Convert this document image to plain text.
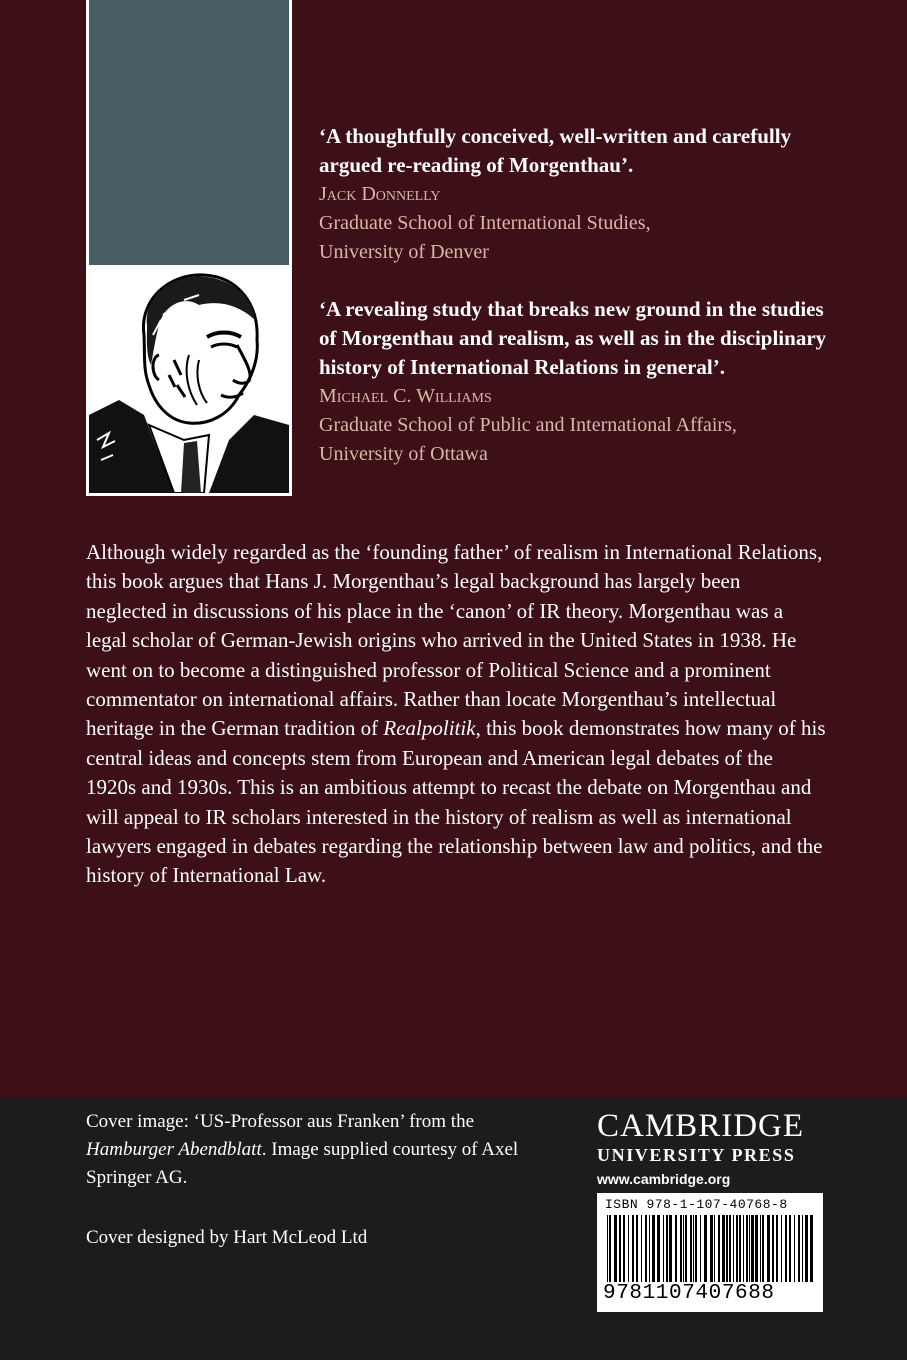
‘A thoughtfully conceived, well-written and carefully argued re-reading of Morgenthau’.

Jack Donnelly

Graduate School of International Studies,

University of Denver

‘A revealing study that breaks new ground in the studies of Morgenthau and realism, as well as in the disciplinary history of International Relations in general’.

Michael C. Williams

Graduate School of Public and International Affairs,

University of Ottawa

Although widely regarded as the ‘founding father’ of realism in International Relations, this book argues that Hans J. Morgenthau’s legal background has largely been neglected in discussions of his place in the ‘canon’ of IR theory. Morgenthau was a legal scholar of German-Jewish origins who arrived in the United States in 1938. He went on to become a distinguished professor of Political Science and a prominent commentator on international affairs. Rather than locate Morgenthau’s intellectual heritage in the German tradition of Realpolitik, this book demonstrates how many of his central ideas and concepts stem from European and American legal debates of the 1920s and 1930s. This is an ambitious attempt to recast the debate on Morgenthau and will appeal to IR scholars interested in the history of realism as well as international lawyers engaged in debates regarding the relationship between law and politics, and the history of International Law.

Cover image: ‘US-Professor aus Franken’ from the Hamburger Abendblatt. Image supplied courtesy of Axel Springer AG.
Cover designed by Hart McLeod Ltd
CAMBRIDGE
UNIVERSITY PRESS
www.cambridge.org
ISBN 978-1-107-40768-8
9781107407688
